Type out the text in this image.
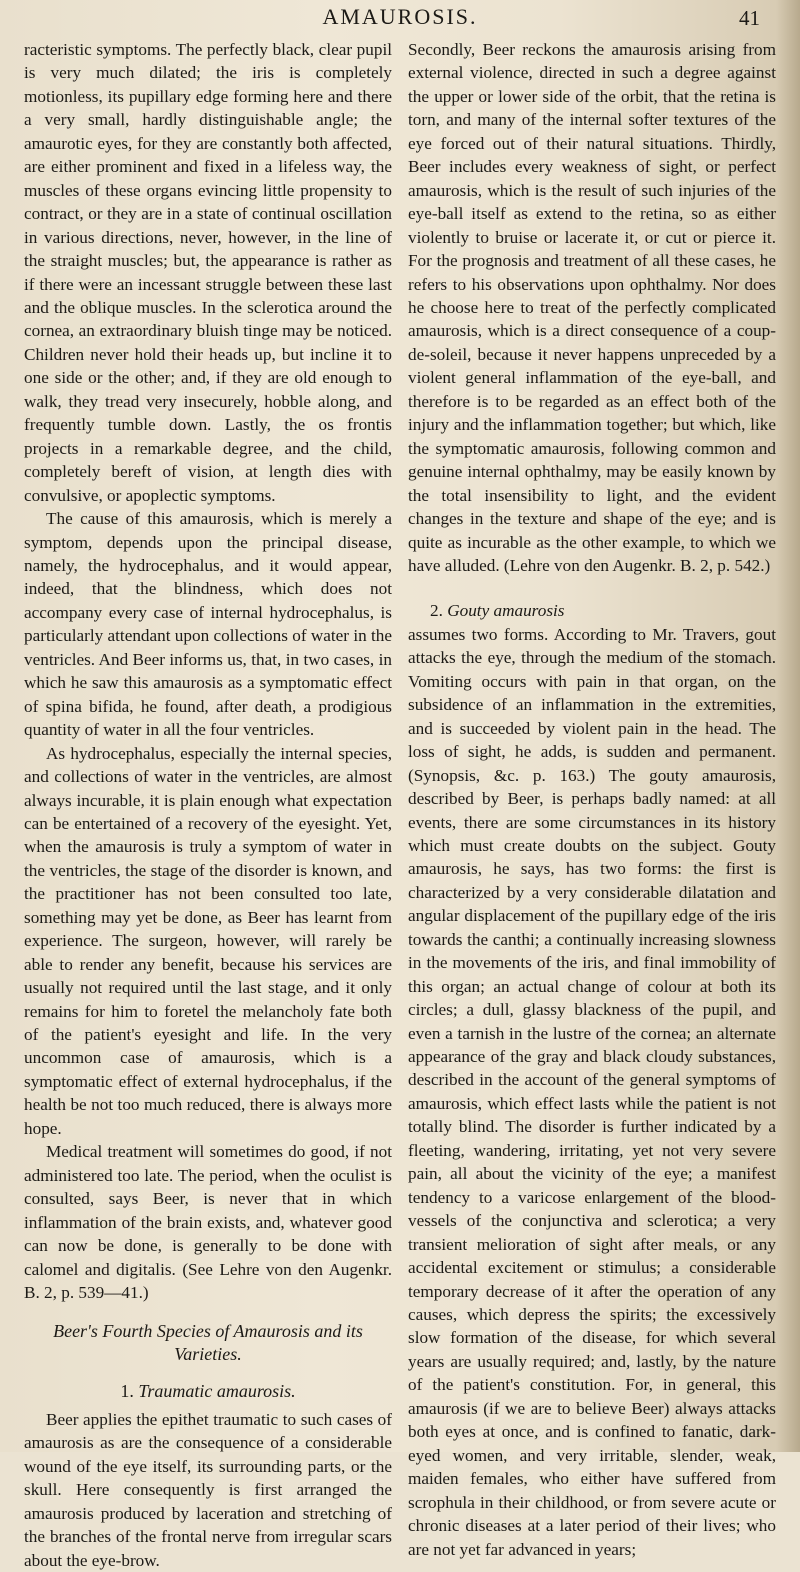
AMAUROSIS.	41

racteristic symptoms. The perfectly black, clear pupil is very much dilated; the iris is completely motionless, its pupillary edge forming here and there a very small, hardly distinguishable angle; the amaurotic eyes, for they are constantly both affected, are either prominent and fixed in a lifeless way, the muscles of these organs evincing little propensity to contract, or they are in a state of continual oscillation in various directions, never, however, in the line of the straight muscles; but, the appearance is rather as if there were an incessant struggle between these last and the oblique muscles. In the sclerotica around the cornea, an extraordinary bluish tinge may be noticed. Children never hold their heads up, but incline it to one side or the other; and, if they are old enough to walk, they tread very insecurely, hobble along, and frequently tumble down. Lastly, the os frontis projects in a remarkable degree, and the child, completely bereft of vision, at length dies with convulsive, or apoplectic symptoms.

The cause of this amaurosis, which is merely a symptom, depends upon the principal disease, namely, the hydrocephalus, and it would appear, indeed, that the blindness, which does not accompany every case of internal hydrocephalus, is particularly attendant upon collections of water in the ventricles. And Beer informs us, that, in two cases, in which he saw this amaurosis as a symptomatic effect of spina bifida, he found, after death, a prodigious quantity of water in all the four ventricles.

As hydrocephalus, especially the internal species, and collections of water in the ventricles, are almost always incurable, it is plain enough what expectation can be entertained of a recovery of the eyesight. Yet, when the amaurosis is truly a symptom of water in the ventricles, the stage of the disorder is known, and the practitioner has not been consulted too late, something may yet be done, as Beer has learnt from experience. The surgeon, however, will rarely be able to render any benefit, because his services are usually not required until the last stage, and it only remains for him to foretel the melancholy fate both of the patient's eyesight and life. In the very uncommon case of amaurosis, which is a symptomatic effect of external hydrocephalus, if the health be not too much reduced, there is always more hope.

Medical treatment will sometimes do good, if not administered too late. The period, when the oculist is consulted, says Beer, is never that in which inflammation of the brain exists, and, whatever good can now be done, is generally to be done with calomel and digitalis. (See Lehre von den Augenkr. B. 2, p. 539—41.)

Beer's Fourth Species of Amaurosis and its Varieties.
1. Traumatic amaurosis.

Beer applies the epithet traumatic to such cases of amaurosis as are the consequence of a considerable wound of the eye itself, its surrounding parts, or the skull. Here consequently is first arranged the amaurosis produced by laceration and stretching of the branches of the frontal nerve from irregular scars about the eye-brow.

Secondly, Beer reckons the amaurosis arising from external violence, directed in such a degree against the upper or lower side of the orbit, that the retina is torn, and many of the internal softer textures of the eye forced out of their natural situations. Thirdly, Beer includes every weakness of sight, or perfect amaurosis, which is the result of such injuries of the eye-ball itself as extend to the retina, so as either violently to bruise or lacerate it, or cut or pierce it. For the prognosis and treatment of all these cases, he refers to his observations upon ophthalmy. Nor does he choose here to treat of the perfectly complicated amaurosis, which is a direct consequence of a coup-de-soleil, because it never happens unpreceded by a violent general inflammation of the eye-ball, and therefore is to be regarded as an effect both of the injury and the inflammation together; but which, like the symptomatic amaurosis, following common and genuine internal ophthalmy, may be easily known by the total insensibility to light, and the evident changes in the texture and shape of the eye; and is quite as incurable as the other example, to which we have alluded. (Lehre von den Augenkr. B. 2, p. 542.)

2. Gouty amaurosis

assumes two forms. According to Mr. Travers, gout attacks the eye, through the medium of the stomach. Vomiting occurs with pain in that organ, on the subsidence of an inflammation in the extremities, and is succeeded by violent pain in the head. The loss of sight, he adds, is sudden and permanent. (Synopsis, &c. p. 163.) The gouty amaurosis, described by Beer, is perhaps badly named: at all events, there are some circumstances in its history which must create doubts on the subject. Gouty amaurosis, he says, has two forms: the first is characterized by a very considerable dilatation and angular displacement of the pupillary edge of the iris towards the canthi; a continually increasing slowness in the movements of the iris, and final immobility of this organ; an actual change of colour at both its circles; a dull, glassy blackness of the pupil, and even a tarnish in the lustre of the cornea; an alternate appearance of the gray and black cloudy substances, described in the account of the general symptoms of amaurosis, which effect lasts while the patient is not totally blind. The disorder is further indicated by a fleeting, wandering, irritating, yet not very severe pain, all about the vicinity of the eye; a manifest tendency to a varicose enlargement of the blood-vessels of the conjunctiva and sclerotica; a very transient melioration of sight after meals, or any accidental excitement or stimulus; a considerable temporary decrease of it after the operation of any causes, which depress the spirits; the excessively slow formation of the disease, for which several years are usually required; and, lastly, by the nature of the patient's constitution. For, in general, this amaurosis (if we are to believe Beer) always attacks both eyes at once, and is confined to fanatic, dark-eyed women, and very irritable, slender, weak, maiden females, who either have suffered from scrophula in their childhood, or from severe acute or chronic diseases at a later period of their lives; who are not yet far advanced in years;
